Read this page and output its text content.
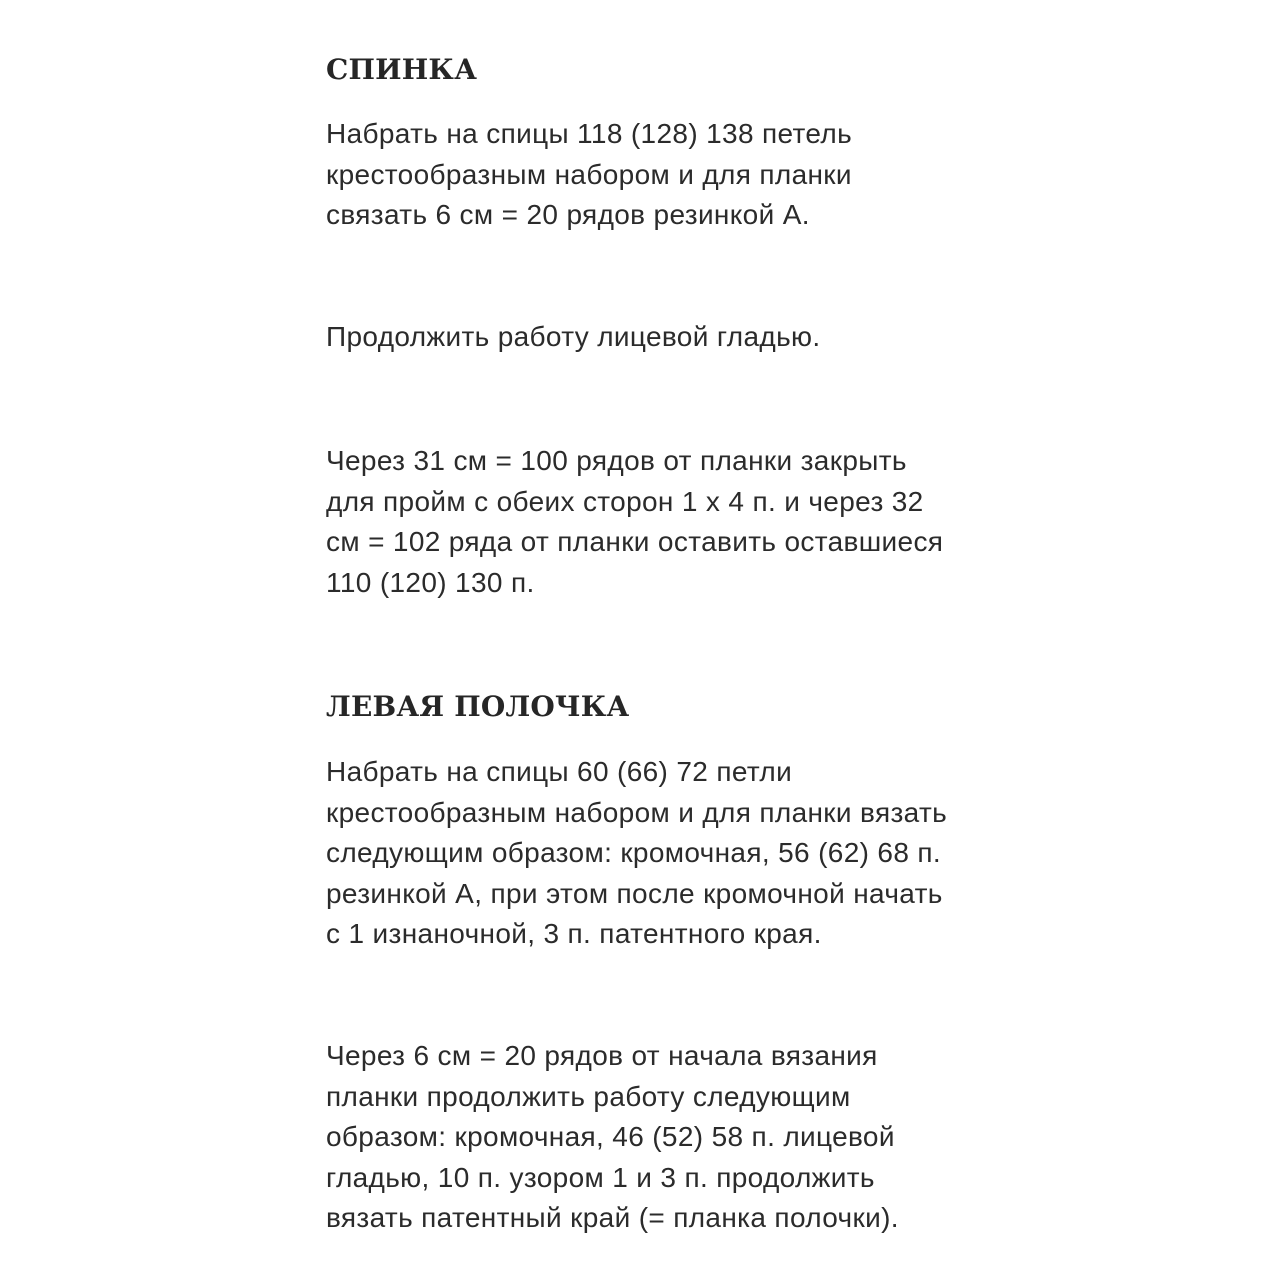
СПИНКА

Набрать на спицы 118 (128) 138 петель
крестообразным набором и для планки
связать 6 см = 20 рядов резинкой А.

Продолжить работу лицевой гладью.

Через 31 см = 100 рядов от планки закрыть
для пройм с обеих сторон 1 х 4 п. и через 32
см = 102 ряда от планки оставить оставшиеся
110 (120) 130 п.

ЛЕВАЯ ПОЛОЧКА

Набрать на спицы 60 (66) 72 петли
крестообразным набором и для планки вязать
следующим образом: кромочная, 56 (62) 68 п.
резинкой А, при этом после кромочной начать
с 1 изнаночной, 3 п. патентного края.

Через 6 см = 20 рядов от начала вязания
планки продолжить работу следующим
образом: кромочная, 46 (52) 58 п. лицевой
гладью, 10 п. узором 1 и 3 п. продолжить
вязать патентный край (= планка полочки).
